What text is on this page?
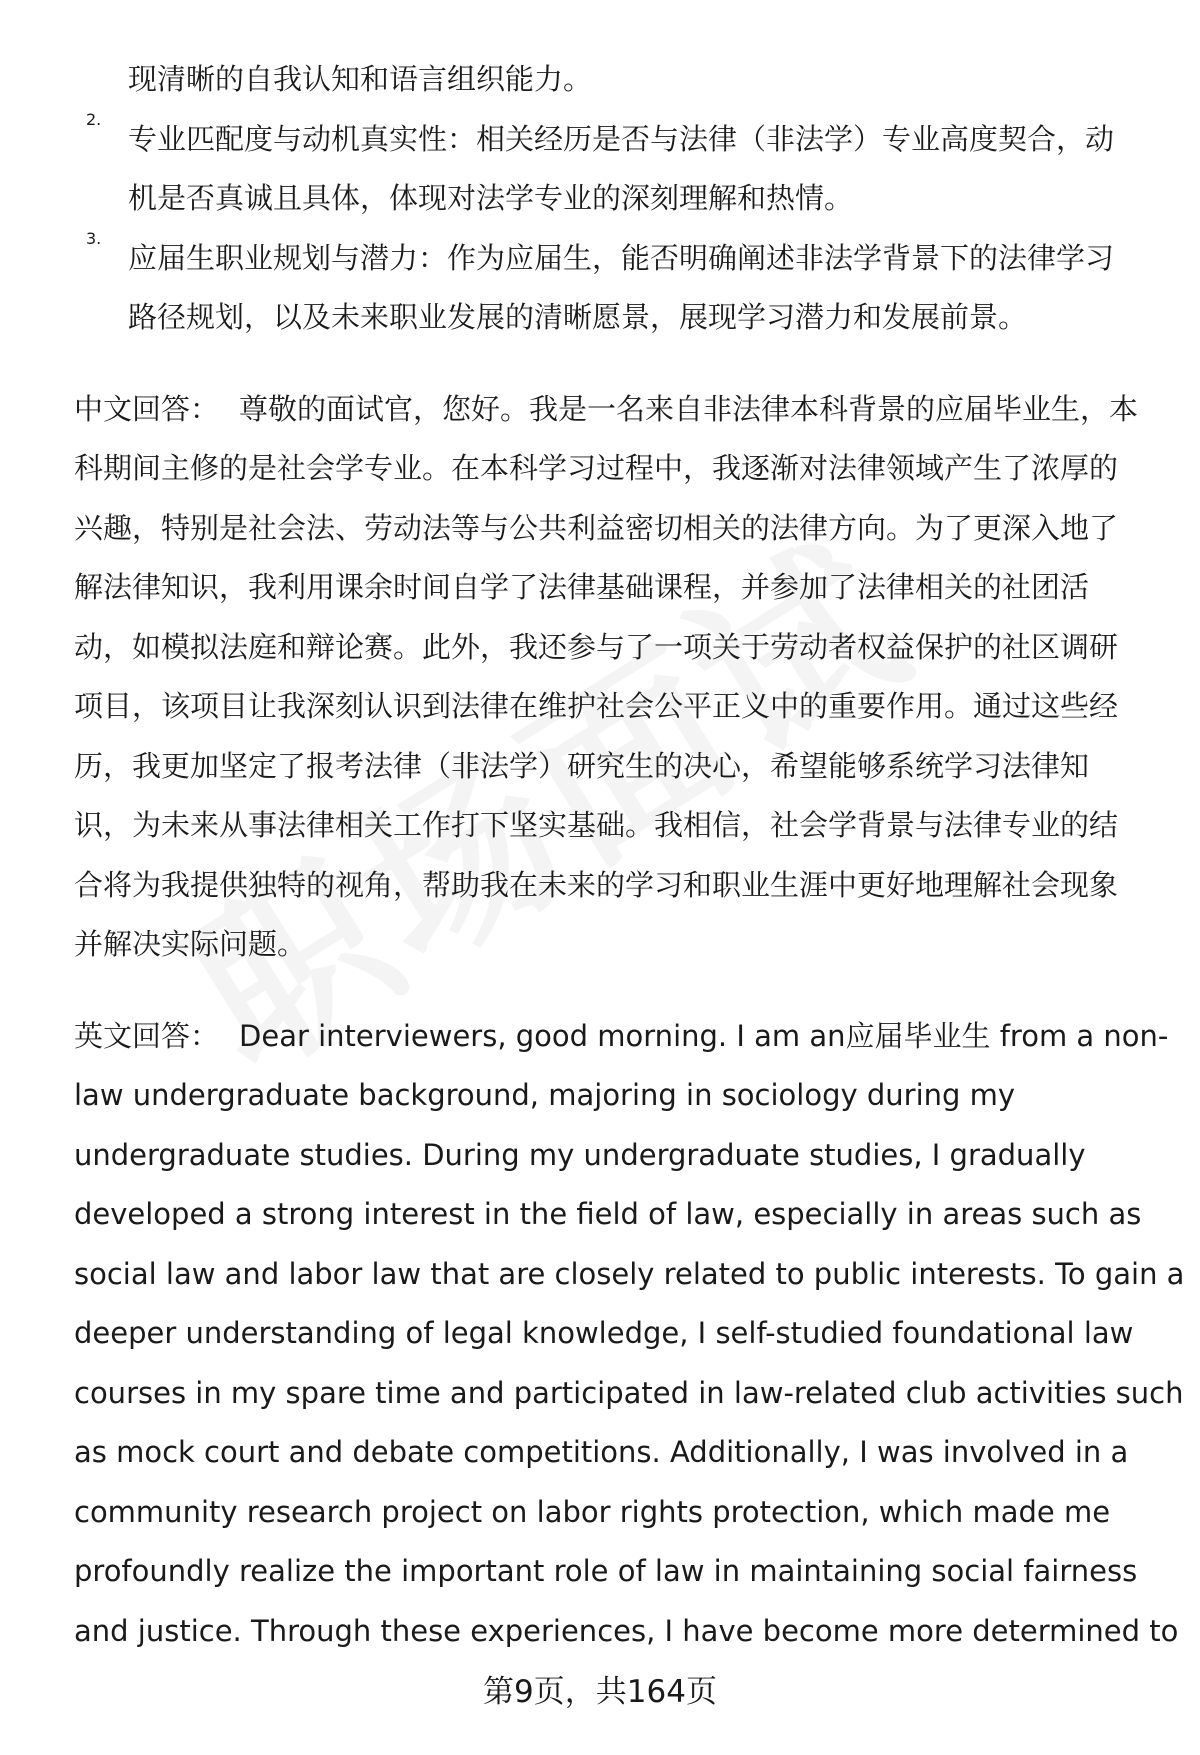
现清晰的自我认知和语言组织能力。
2.
专业匹配度与动机真实性：相关经历是否与法律（非法学）专业高度契合，动
机是否真诚且具体，体现对法学专业的深刻理解和热情。
3.
应届生职业规划与潜力：作为应届生，能否明确阐述非法学背景下的法律学习
路径规划，以及未来职业发展的清晰愿景，展现学习潜力和发展前景。
中文回答： 尊敬的面试官，您好。我是一名来自非法律本科背景的应届毕业生，本
科期间主修的是社会学专业。在本科学习过程中，我逐渐对法律领域产生了浓厚的
兴趣，特别是社会法、劳动法等与公共利益密切相关的法律方向。为了更深入地了
解法律知识，我利用课余时间自学了法律基础课程，并参加了法律相关的社团活
动，如模拟法庭和辩论赛。此外，我还参与了一项关于劳动者权益保护的社区调研
项目，该项目让我深刻认识到法律在维护社会公平正义中的重要作用。通过这些经
历，我更加坚定了报考法律（非法学）研究生的决心，希望能够系统学习法律知
识，为未来从事法律相关工作打下坚实基础。我相信，社会学背景与法律专业的结
合将为我提供独特的视角，帮助我在未来的学习和职业生涯中更好地理解社会现象
并解决实际问题。
英文回答： Dear interviewers, good morning. I am an应届毕业生 from a non-
law undergraduate background, majoring in sociology during my
undergraduate studies. During my undergraduate studies, I gradually
developed a strong interest in the field of law, especially in areas such as
social law and labor law that are closely related to public interests. To gain a
deeper understanding of legal knowledge, I self-studied foundational law
courses in my spare time and participated in law-related club activities such
as mock court and debate competitions. Additionally, I was involved in a
community research project on labor rights protection, which made me
profoundly realize the important role of law in maintaining social fairness
and justice. Through these experiences, I have become more determined to
第9页，共164页
